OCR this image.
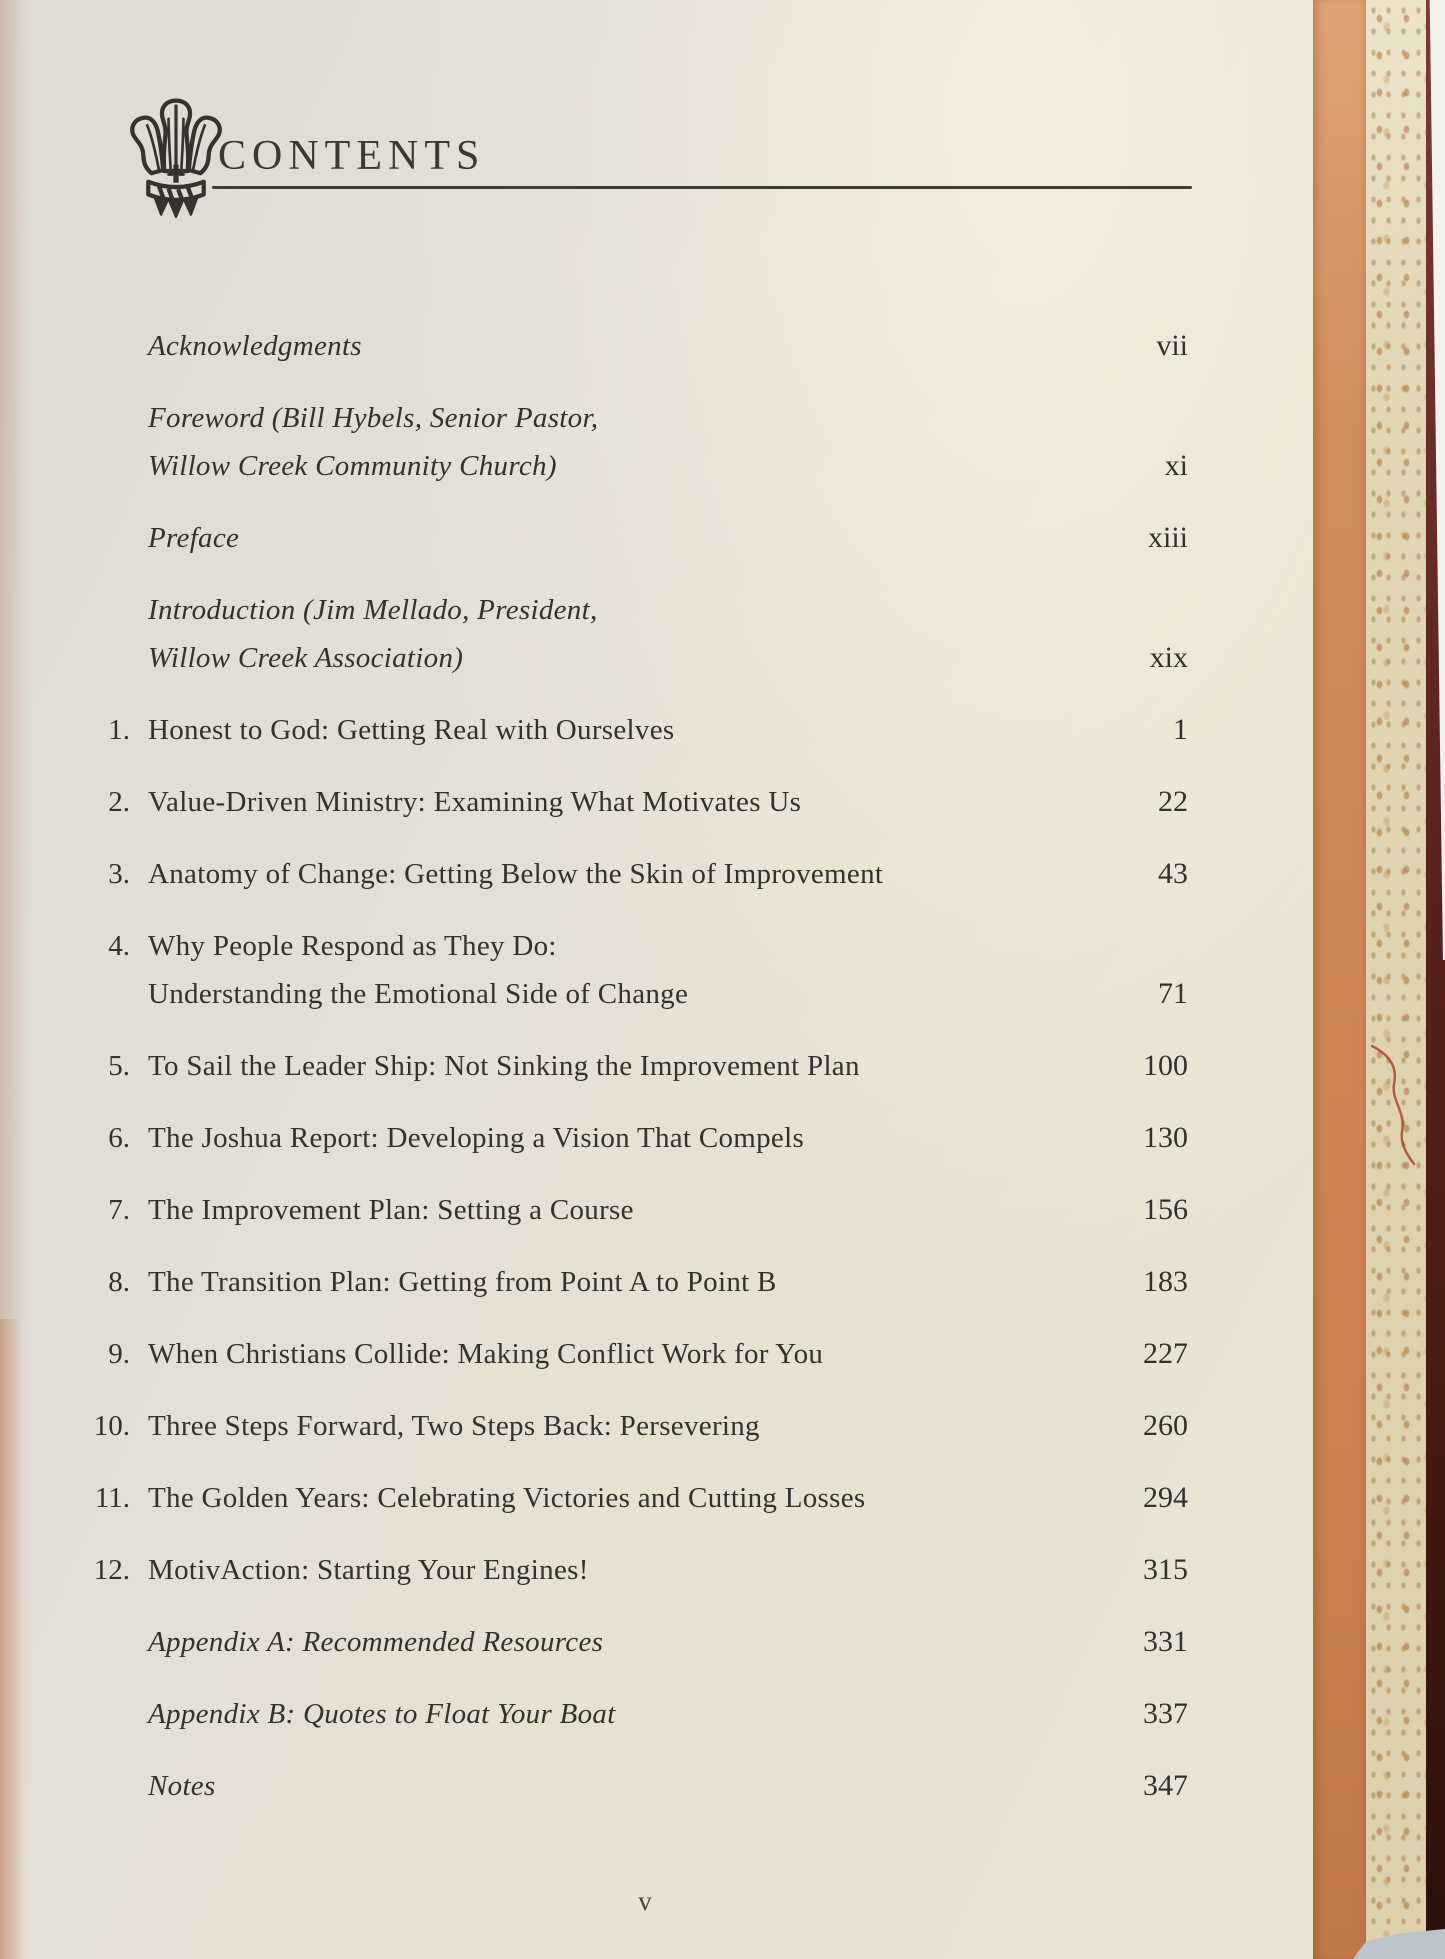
CONTENTS
Acknowledgments	vii
Foreword (Bill Hybels, Senior Pastor,
Willow Creek Community Church)	xi
Preface	xiii
Introduction (Jim Mellado, President,
Willow Creek Association)	xix
1. Honest to God: Getting Real with Ourselves	1
2. Value-Driven Ministry: Examining What Motivates Us	22
3. Anatomy of Change: Getting Below the Skin of Improvement	43
4. Why People Respond as They Do:
Understanding the Emotional Side of Change	71
5. To Sail the Leader Ship: Not Sinking the Improvement Plan	100
6. The Joshua Report: Developing a Vision That Compels	130
7. The Improvement Plan: Setting a Course	156
8. The Transition Plan: Getting from Point A to Point B	183
9. When Christians Collide: Making Conflict Work for You	227
10. Three Steps Forward, Two Steps Back: Persevering	260
11. The Golden Years: Celebrating Victories and Cutting Losses	294
12. MotivAction: Starting Your Engines!	315
Appendix A: Recommended Resources	331
Appendix B: Quotes to Float Your Boat	337
Notes	347
v
